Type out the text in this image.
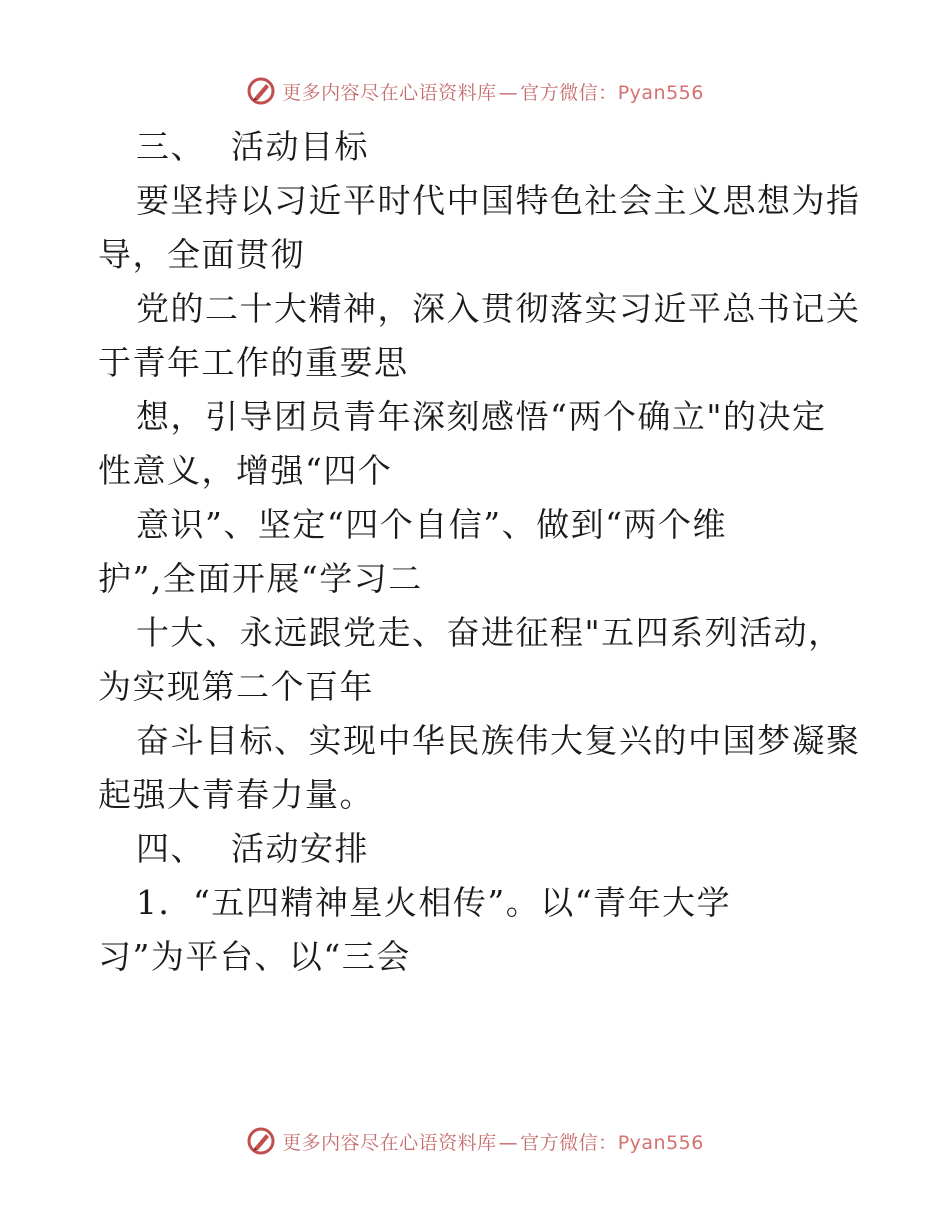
更多内容尽在心语资料库 — 官方微信：Pyan556
三、 活动目标
要坚持以习近平时代中国特色社会主义思想为指
导，全面贯彻
党的二十大精神，深入贯彻落实习近平总书记关
于青年工作的重要思
想，引导团员青年深刻感悟“两个确立"的决定
性意义，增强“四个
意识”、坚定“四个自信”、做到“两个维
护”,全面开展“学习二
十大、永远跟党走、奋进征程"五四系列活动，
为实现第二个百年
奋斗目标、实现中华民族伟大复兴的中国梦凝聚
起强大青春力量。
四、 活动安排
1．“五四精神星火相传”。以“青年大学
习”为平台、以“三会
更多内容尽在心语资料库 — 官方微信：Pyan556
